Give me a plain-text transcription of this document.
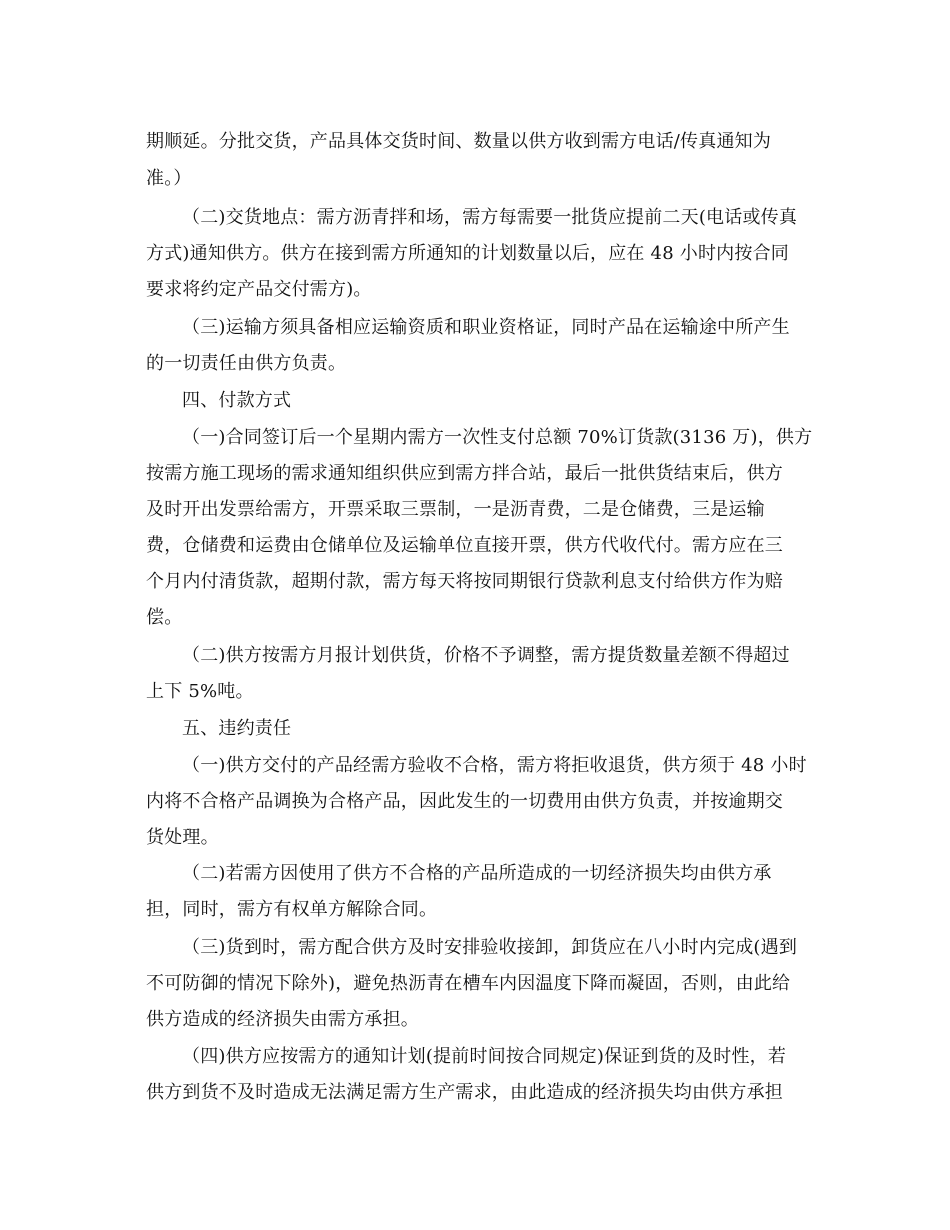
期顺延。分批交货，产品具体交货时间、数量以供方收到需方电话/传真通知为
准。）
（二)交货地点：需方沥青拌和场，需方每需要一批货应提前二天(电话或传真
方式)通知供方。供方在接到需方所通知的计划数量以后，应在 48 小时内按合同
要求将约定产品交付需方)。
（三)运输方须具备相应运输资质和职业资格证，同时产品在运输途中所产生
的一切责任由供方负责。
四、付款方式
（一)合同签订后一个星期内需方一次性支付总额 70%订货款(3136 万)，供方
按需方施工现场的需求通知组织供应到需方拌合站，最后一批供货结束后，供方
及时开出发票给需方，开票采取三票制，一是沥青费，二是仓储费，三是运输
费，仓储费和运费由仓储单位及运输单位直接开票，供方代收代付。需方应在三
个月内付清货款，超期付款，需方每天将按同期银行贷款利息支付给供方作为赔
偿。
（二)供方按需方月报计划供货，价格不予调整，需方提货数量差额不得超过
上下 5%吨。
五、违约责任
（一)供方交付的产品经需方验收不合格，需方将拒收退货，供方须于 48 小时
内将不合格产品调换为合格产品，因此发生的一切费用由供方负责，并按逾期交
货处理。
（二)若需方因使用了供方不合格的产品所造成的一切经济损失均由供方承
担，同时，需方有权单方解除合同。
（三)货到时，需方配合供方及时安排验收接卸，卸货应在八小时内完成(遇到
不可防御的情况下除外)，避免热沥青在槽车内因温度下降而凝固，否则，由此给
供方造成的经济损失由需方承担。
（四)供方应按需方的通知计划(提前时间按合同规定)保证到货的及时性，若
供方到货不及时造成无法满足需方生产需求，由此造成的经济损失均由供方承担
